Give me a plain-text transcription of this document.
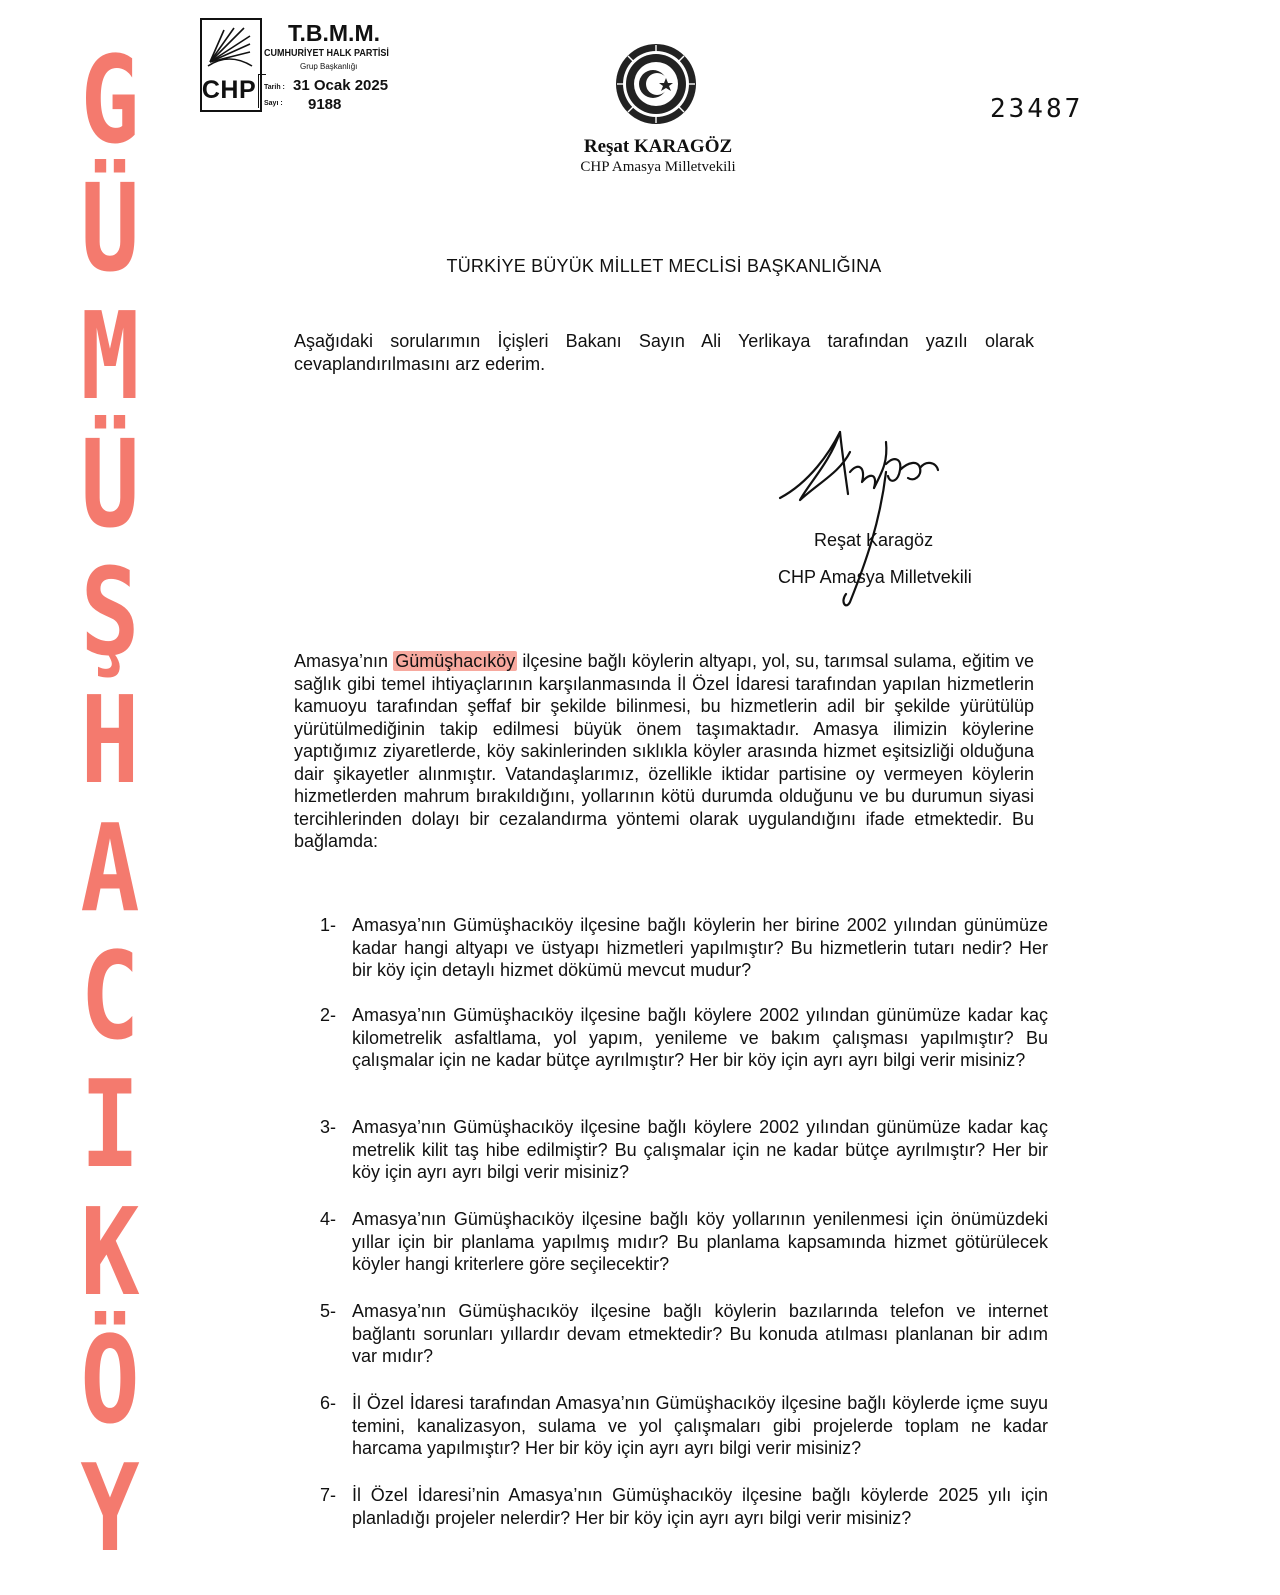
G
Ü
M
Ü
Ş
H
A
C
I
K
Ö
Y
CHP
T.B.M.M.
CUMHURİYET HALK PARTİSİ
Grup Başkanlığı
Tarih : 31 Ocak 2025
Sayı : 9188
Reşat KARAGÖZ
CHP Amasya Milletvekili
23487
TÜRKİYE BÜYÜK MİLLET MECLİSİ BAŞKANLIĞINA
Aşağıdaki sorularımın İçişleri Bakanı Sayın Ali Yerlikaya tarafından yazılı olarak cevaplandırılmasını arz ederim.
Reşat Karagöz
CHP Amasya Milletvekili
Amasya’nın Gümüşhacıköy ilçesine bağlı köylerin altyapı, yol, su, tarımsal sulama, eğitim ve sağlık gibi temel ihtiyaçlarının karşılanmasında İl Özel İdaresi tarafından yapılan hizmetlerin kamuoyu tarafından şeffaf bir şekilde bilinmesi, bu hizmetlerin adil bir şekilde yürütülüp yürütülmediğinin takip edilmesi büyük önem taşımaktadır. Amasya ilimizin köylerine yaptığımız ziyaretlerde, köy sakinlerinden sıklıkla köyler arasında hizmet eşitsizliği olduğuna dair şikayetler alınmıştır. Vatandaşlarımız, özellikle iktidar partisine oy vermeyen köylerin hizmetlerden mahrum bırakıldığını, yollarının kötü durumda olduğunu ve bu durumun siyasi tercihlerinden dolayı bir cezalandırma yöntemi olarak uygulandığını ifade etmektedir. Bu bağlamda:
1- Amasya’nın Gümüşhacıköy ilçesine bağlı köylerin her birine 2002 yılından günümüze kadar hangi altyapı ve üstyapı hizmetleri yapılmıştır? Bu hizmetlerin tutarı nedir? Her bir köy için detaylı hizmet dökümü mevcut mudur?
2- Amasya’nın Gümüşhacıköy ilçesine bağlı köylere 2002 yılından günümüze kadar kaç kilometrelik asfaltlama, yol yapım, yenileme ve bakım çalışması yapılmıştır? Bu çalışmalar için ne kadar bütçe ayrılmıştır? Her bir köy için ayrı ayrı bilgi verir misiniz?
3- Amasya’nın Gümüşhacıköy ilçesine bağlı köylere 2002 yılından günümüze kadar kaç metrelik kilit taş hibe edilmiştir? Bu çalışmalar için ne kadar bütçe ayrılmıştır? Her bir köy için ayrı ayrı bilgi verir misiniz?
4- Amasya’nın Gümüşhacıköy ilçesine bağlı köy yollarının yenilenmesi için önümüzdeki yıllar için bir planlama yapılmış mıdır? Bu planlama kapsamında hizmet götürülecek köyler hangi kriterlere göre seçilecektir?
5- Amasya’nın Gümüşhacıköy ilçesine bağlı köylerin bazılarında telefon ve internet bağlantı sorunları yıllardır devam etmektedir? Bu konuda atılması planlanan bir adım var mıdır?
6- İl Özel İdaresi tarafından Amasya’nın Gümüşhacıköy ilçesine bağlı köylerde içme suyu temini, kanalizasyon, sulama ve yol çalışmaları gibi projelerde toplam ne kadar harcama yapılmıştır? Her bir köy için ayrı ayrı bilgi verir misiniz?
7- İl Özel İdaresi’nin Amasya’nın Gümüşhacıköy ilçesine bağlı köylerde 2025 yılı için planladığı projeler nelerdir? Her bir köy için ayrı ayrı bilgi verir misiniz?
